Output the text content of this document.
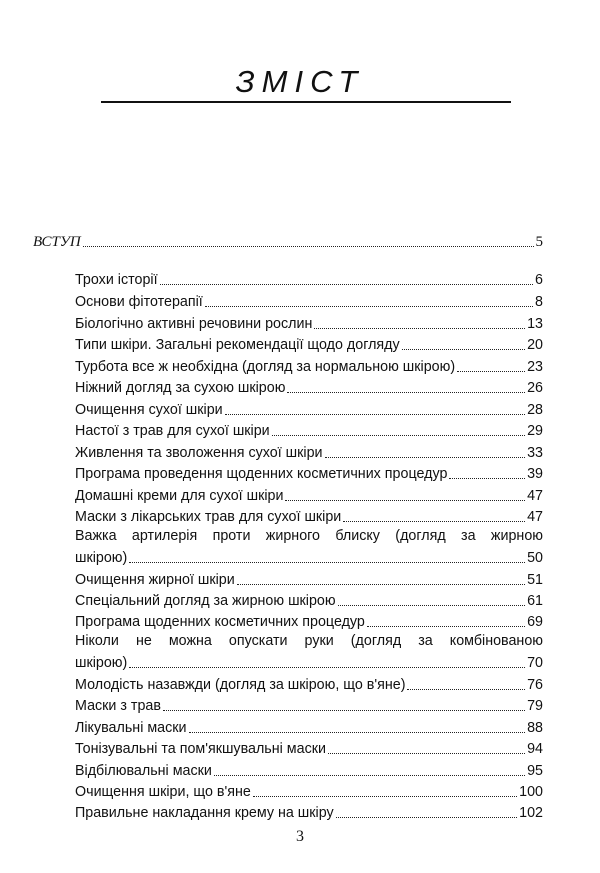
ЗМІСТ
ВСТУП	5
Трохи історії	6
Основи фітотерапії	8
Біологічно активні речовини рослин	13
Типи шкіри. Загальні рекомендації щодо догляду	20
Турбота все ж необхідна (догляд за нормальною шкірою)	23
Ніжний догляд за сухою шкірою	26
Очищення сухої шкіри	28
Настої з трав для сухої шкіри	29
Живлення та зволоження сухої шкіри	33
Програма проведення щоденних косметичних процедур	39
Домашні креми для сухої шкіри	47
Маски з лікарських трав для сухої шкіри	47
Важка артилерія проти жирного блиску (догляд за жирною
шкірою)	50
Очищення жирної шкіри	51
Спеціальний догляд за жирною шкірою	61
Програма щоденних косметичних процедур	69
Ніколи не можна опускати руки (догляд за комбінованою
шкірою)	70
Молодість назавжди (догляд за шкірою, що в'яне)	76
Маски з трав	79
Лікувальні маски	88
Тонізувальні та пом'якшувальні маски	94
Відбілювальні маски	95
Очищення шкіри, що в'яне	100
Правильне накладання крему на шкіру	102
3
